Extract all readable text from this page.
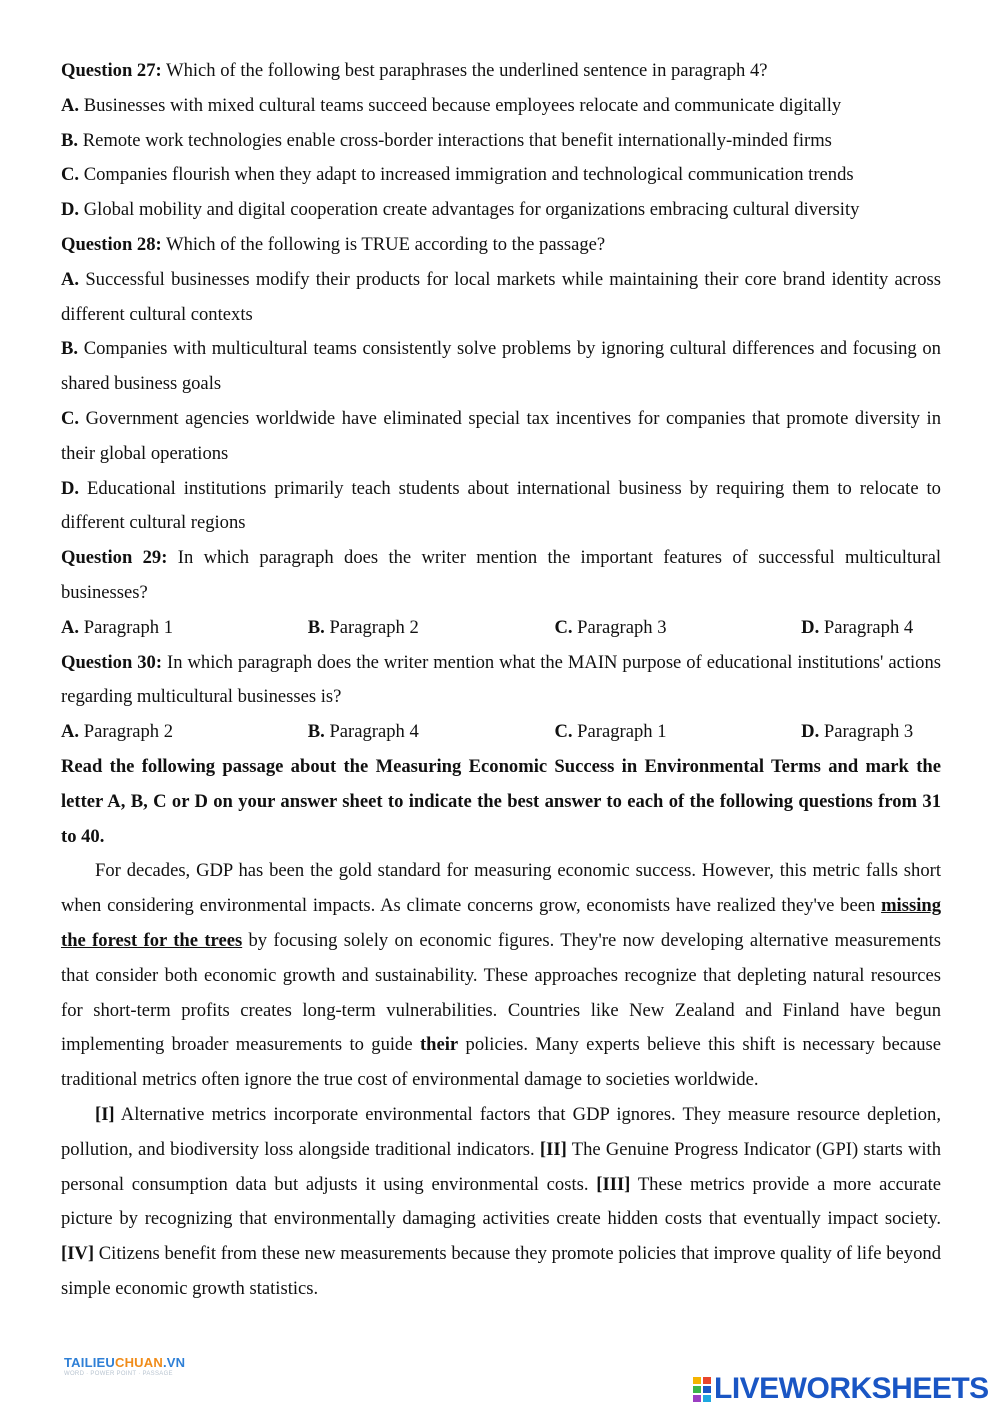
Question 27: Which of the following best paraphrases the underlined sentence in paragraph 4?
A. Businesses with mixed cultural teams succeed because employees relocate and communicate digitally
B. Remote work technologies enable cross-border interactions that benefit internationally-minded firms
C. Companies flourish when they adapt to increased immigration and technological communication trends
D. Global mobility and digital cooperation create advantages for organizations embracing cultural diversity
Question 28: Which of the following is TRUE according to the passage?
A. Successful businesses modify their products for local markets while maintaining their core brand identity across different cultural contexts
B. Companies with multicultural teams consistently solve problems by ignoring cultural differences and focusing on shared business goals
C. Government agencies worldwide have eliminated special tax incentives for companies that promote diversity in their global operations
D. Educational institutions primarily teach students about international business by requiring them to relocate to different cultural regions
Question 29: In which paragraph does the writer mention the important features of successful multicultural businesses?
A. Paragraph 1	B. Paragraph 2	C. Paragraph 3	D. Paragraph 4
Question 30: In which paragraph does the writer mention what the MAIN purpose of educational institutions' actions regarding multicultural businesses is?
A. Paragraph 2	B. Paragraph 4	C. Paragraph 1	D. Paragraph 3
Read the following passage about the Measuring Economic Success in Environmental Terms and mark the letter A, B, C or D on your answer sheet to indicate the best answer to each of the following questions from 31 to 40.
For decades, GDP has been the gold standard for measuring economic success. However, this metric falls short when considering environmental impacts. As climate concerns grow, economists have realized they've been missing the forest for the trees by focusing solely on economic figures. They're now developing alternative measurements that consider both economic growth and sustainability. These approaches recognize that depleting natural resources for short-term profits creates long-term vulnerabilities. Countries like New Zealand and Finland have begun implementing broader measurements to guide their policies. Many experts believe this shift is necessary because traditional metrics often ignore the true cost of environmental damage to societies worldwide.
[I] Alternative metrics incorporate environmental factors that GDP ignores. They measure resource depletion, pollution, and biodiversity loss alongside traditional indicators. [II] The Genuine Progress Indicator (GPI) starts with personal consumption data but adjusts it using environmental costs. [III] These metrics provide a more accurate picture by recognizing that environmentally damaging activities create hidden costs that eventually impact society. [IV] Citizens benefit from these new measurements because they promote policies that improve quality of life beyond simple economic growth statistics.
TAILIEUCHUAN.VN
WORD · POWER POINT · PASSAGE	LIVEWORKSHEETS
